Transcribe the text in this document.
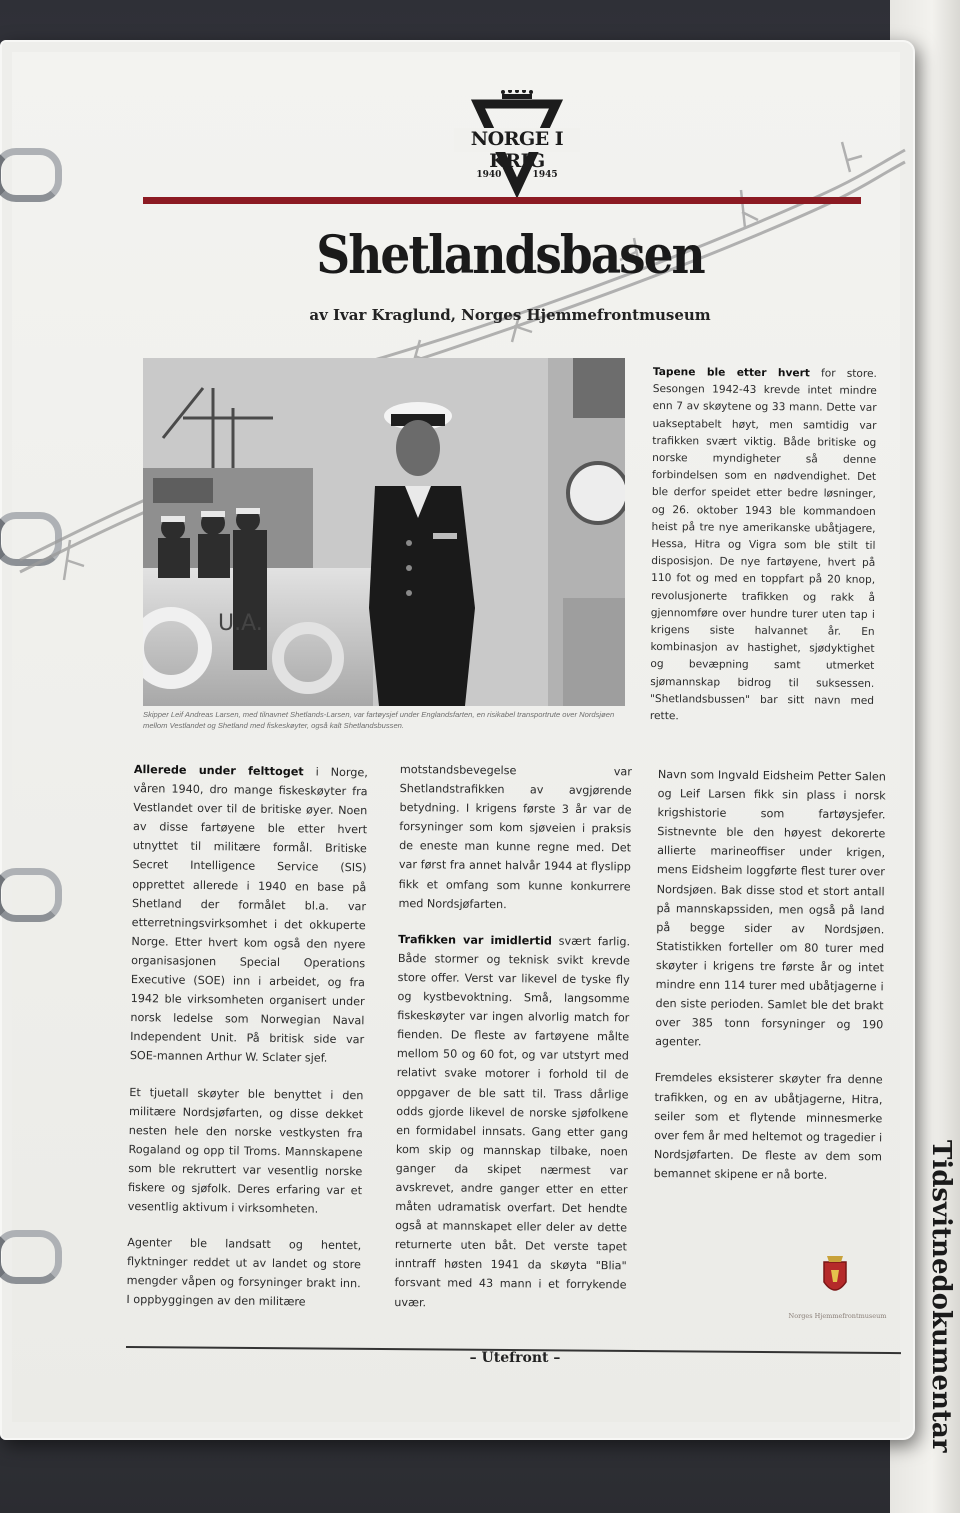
Tidsvitnedokumentar
NORGE I KRIG
1940 1945
Shetlandsbasen
av Ivar Kraglund, Norges Hjemmefrontmuseum
U.A.
Skipper Leif Andreas Larsen, med tilnavnet Shetlands-Larsen, var fartøysjef under Englandsfarten, en risikabel transportrute over Nordsjøen mellom Vestlandet og Shetland med fiskeskøyter, også kalt Shetlandsbussen.

Allerede under felttoget i Norge, våren 1940, dro mange fiskeskøyter fra Vestlandet over til de britiske øyer. Noen av disse fartøyene ble etter hvert utnyttet til militære formål. Britiske Secret Intelligence Service (SIS) opprettet allerede i 1940 en base på Shetland der formålet bl.a. var etterretningsvirksomhet i det okkuperte Norge. Etter hvert kom også den nyere organisasjonen Special Operations Executive (SOE) inn i arbeidet, og fra 1942 ble virksomheten organisert under norsk ledelse som Norwegian Naval Independent Unit. På britisk side var SOE-mannen Arthur W. Sclater sjef.

Et tjuetall skøyter ble benyttet i den militære Nordsjøfarten, og disse dekket nesten hele den norske vestkysten fra Rogaland og opp til Troms. Mannskapene som ble rekruttert var vesentlig norske fiskere og sjøfolk. Deres erfaring var et vesentlig aktivum i virksomheten.

Agenter ble landsatt og hentet, flyktninger reddet ut av landet og store mengder våpen og forsyninger brakt inn. I oppbyggingen av den militære

motstandsbevegelse var Shetlandstrafikken av avgjørende betydning. I krigens første 3 år var de forsyninger som kom sjøveien i praksis de eneste man kunne regne med. Det var først fra annet halvår 1944 at flyslipp fikk et omfang som kunne konkurrere med Nordsjøfarten.

Trafikken var imidlertid svært farlig. Både stormer og teknisk svikt krevde store offer. Verst var likevel de tyske fly og kystbevoktning. Små, langsomme fiskeskøyter var ingen alvorlig match for fienden. De fleste av fartøyene målte mellom 50 og 60 fot, og var utstyrt med relativt svake motorer i forhold til de oppgaver de ble satt til. Trass dårlige odds gjorde likevel de norske sjøfolkene en formidabel innsats. Gang etter gang kom skip og mannskap tilbake, noen ganger da skipet nærmest var avskrevet, andre ganger etter en etter måten udramatisk overfart. Det hendte også at mannskapet eller deler av dette returnerte uten båt. Det verste tapet inntraff høsten 1941 da skøyta "Blia" forsvant med 43 mann i et forrykende uvær.

Tapene ble etter hvert for store. Sesongen 1942-43 krevde intet mindre enn 7 av skøytene og 33 mann. Dette var uakseptabelt høyt, men samtidig var trafikken svært viktig. Både britiske og norske myndigheter så denne forbindelsen som en nødvendighet. Det ble derfor speidet etter bedre løsninger, og 26. oktober 1943 ble kommandoen heist på tre nye amerikanske ubåtjagere, Hessa, Hitra og Vigra som ble stilt til disposisjon. De nye fartøyene, hvert på 110 fot og med en toppfart på 20 knop, revolusjonerte trafikken og rakk å gjennomføre over hundre turer uten tap i krigens siste halvannet år. En kombinasjon av hastighet, sjødyktighet og bevæpning samt utmerket sjømannskap bidrog til suksessen. "Shetlandsbussen" bar sitt navn med rette.

Navn som Ingvald Eidsheim Petter Salen og Leif Larsen fikk sin plass i norsk krigshistorie som fartøysjefer. Sistnevnte ble den høyest dekorerte allierte marineoffiser under krigen, mens Eidsheim loggførte flest turer over Nordsjøen. Bak disse stod et stort antall på mannskapssiden, men også på land på begge sider av Nordsjøen. Statistikken forteller om 80 turer med skøyter i krigens tre første år og intet mindre enn 114 turer med ubåtjagerne i den siste perioden. Samlet ble det brakt over 385 tonn forsyninger og 190 agenter.

Fremdeles eksisterer skøyter fra denne trafikken, og en av ubåtjagerne, Hitra, seiler som et flytende minnesmerke over fem år med heltemot og tragedier i Nordsjøfarten. De fleste av dem som bemannet skipene er nå borte.

Norges Hjemmefrontmuseum
– Utefront –
